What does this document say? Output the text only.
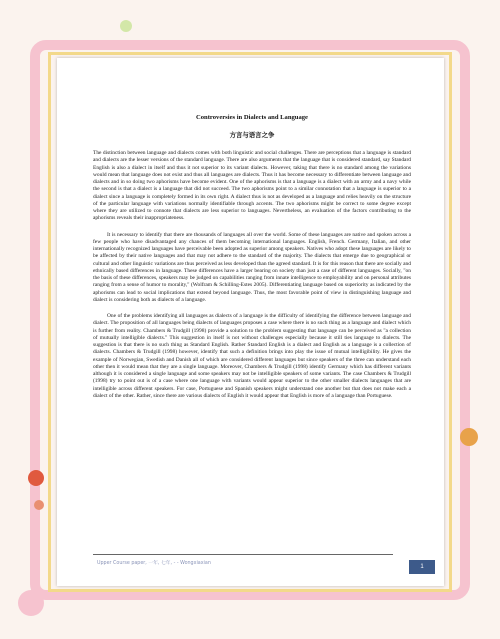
Controversies in Dialects and Language
方言与语言之争

The distinction between language and dialects comes with both linguistic and social challenges. There are perceptions that a language is standard and dialects are the lesser versions of the standard language. There are also arguments that the language that is considered standard, say Standard English is also a dialect in itself and thus it not superior to its variant dialects. However, taking that there is no standard among the variations would mean that language does not exist and thus all languages are dialects. Thus it has become necessary to differentiate between language and dialects and in so doing two aphorisms have become evident. One of the aphorisms is that a language is a dialect with an army and a navy while the second is that a dialect is a language that did not succeed. The two aphorisms point to a similar connotation that a language is superior to a dialect since a language is completely formed in its own right. A dialect thus is not as developed as a language and relies heavily on the structure of the particular language with variations normally identifiable through accents. The two aphorisms might be correct to some degree except where they are utilized to connote that dialects are less superior to languages. Nevertheless, an evaluation of the factors contributing to the aphorisms reveals their inappropriateness.

It is necessary to identify that there are thousands of languages all over the world. Some of these languages are native and spoken across a few people who have disadvantaged any chances of them becoming international languages. English, French. Germany, Italian, and other internationally recognized languages have perceivable been adopted as superior among speakers. Natives who adopt these languages are likely to be affected by their native languages and that may not adhere to the standard of the majority. The dialects that emerge due to geographical or cultural and other linguistic variations are thus perceived as less developed than the agreed standard. It is for this reason that there are socially and ethnically based differences in language. These differences have a larger bearing on society than just a case of different languages. Socially, "on the basis of these differences, speakers may be judged on capabilities ranging from innate intelligence to employability and on personal attributes ranging from a sense of humor to morality," (Wolfram & Schilling-Estes 2005). Differentiating language based on superiority as indicated by the aphorisms can lead to social implications that extend beyond language. Thus, the most favorable point of view in distinguishing language and dialect is considering both as dialects of a language.

One of the problems identifying all languages as dialects of a language is the difficulty of identifying the difference between language and dialect. The proposition of all languages being dialects of languages proposes a case where there is no such thing as a language and dialect which is further from reality. Chambers & Trudgill (1998) provide a solution to the problem suggesting that language can be perceived as "a collection of mutually intelligible dialects." This suggestion in itself is not without challenges especially because it still ties language to dialects. The suggestion is that there is no such thing as Standard English. Rather Standard English is a dialect and English as a language is a collection of dialects. Chambers & Trudgill (1998) however, identify that such a definition brings into play the issue of mutual intelligibility. He gives the example of Norwegian, Swedish and Danish all of which are considered different languages but since speakers of the three can understand each other then it would mean that they are a single language. Moreover, Chambers & Trudgill (1998) identify Germany which has different variants although it is considered a single language and some speakers may not be intelligible speakers of some variants. The case Chambers & Trudgill (1998) try to point out is of a case where one language with variants would appear superior to the other smaller dialects languages that are intelligible across different speakers. For case, Portuguese and Spanish speakers might understand one another but that does not make each a dialect of the other. Rather, since there are various dialects of English it would appear that English is more of a language than Portuguese.

Upper Course paper, 一年, 七年, - - Wongxiaxian
1
